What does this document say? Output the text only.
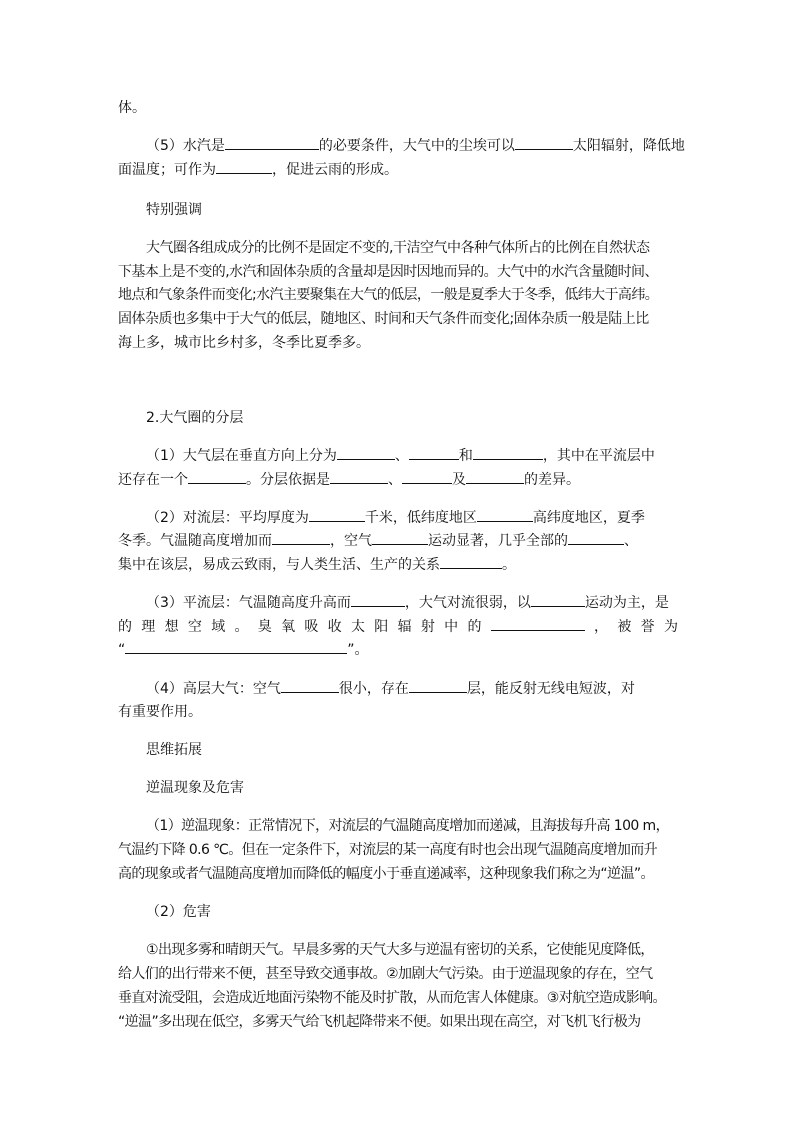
体。

（5）水汽是	的必要条件，大气中的尘埃可以	太阳辐射，降低地

面温度；可作为	，促进云雨的形成。

特别强调

大气圈各组成成分的比例不是固定不变的,干洁空气中各种气体所占的比例在自然状态

下基本上是不变的,水汽和固体杂质的含量却是因时因地而异的。大气中的水汽含量随时间、

地点和气象条件而变化;水汽主要聚集在大气的低层，一般是夏季大于冬季，低纬大于高纬。

固体杂质也多集中于大气的低层，随地区、时间和天气条件而变化;固体杂质一般是陆上比

海上多，城市比乡村多，冬季比夏季多。

2.大气圈的分层

（1）大气层在垂直方向上分为	、	和	，其中在平流层中

还存在一个	。分层依据是	、	及	的差异。

（2）对流层：平均厚度为	千米，低纬度地区	高纬度地区，夏季

冬季。气温随高度增加而	，空气	运动显著，几乎全部的	、

集中在该层，易成云致雨，与人类生活、生产的关系	。

（3）平流层：气温随高度升高而	，大气对流很弱，以	运动为主，是

的 理 想 空 域 。 臭 氧 吸 收 太 阳 辐 射 中 的	， 被 誉 为

“	”。

（4）高层大气：空气	很小，存在	层，能反射无线电短波，对

有重要作用。

思维拓展

逆温现象及危害

（1）逆温现象：正常情况下，对流层的气温随高度增加而递减，且海拔每升高 100 m，

气温约下降 0.6 ℃。但在一定条件下，对流层的某一高度有时也会出现气温随高度增加而升

高的现象或者气温随高度增加而降低的幅度小于垂直递减率，这种现象我们称之为“逆温”。

（2）危害

①出现多雾和晴朗天气。早晨多雾的天气大多与逆温有密切的关系，它使能见度降低，

给人们的出行带来不便，甚至导致交通事故。②加剧大气污染。由于逆温现象的存在，空气

垂直对流受阻，会造成近地面污染物不能及时扩散，从而危害人体健康。③对航空造成影响。

“逆温”多出现在低空，多雾天气给飞机起降带来不便。如果出现在高空，对飞机飞行极为
